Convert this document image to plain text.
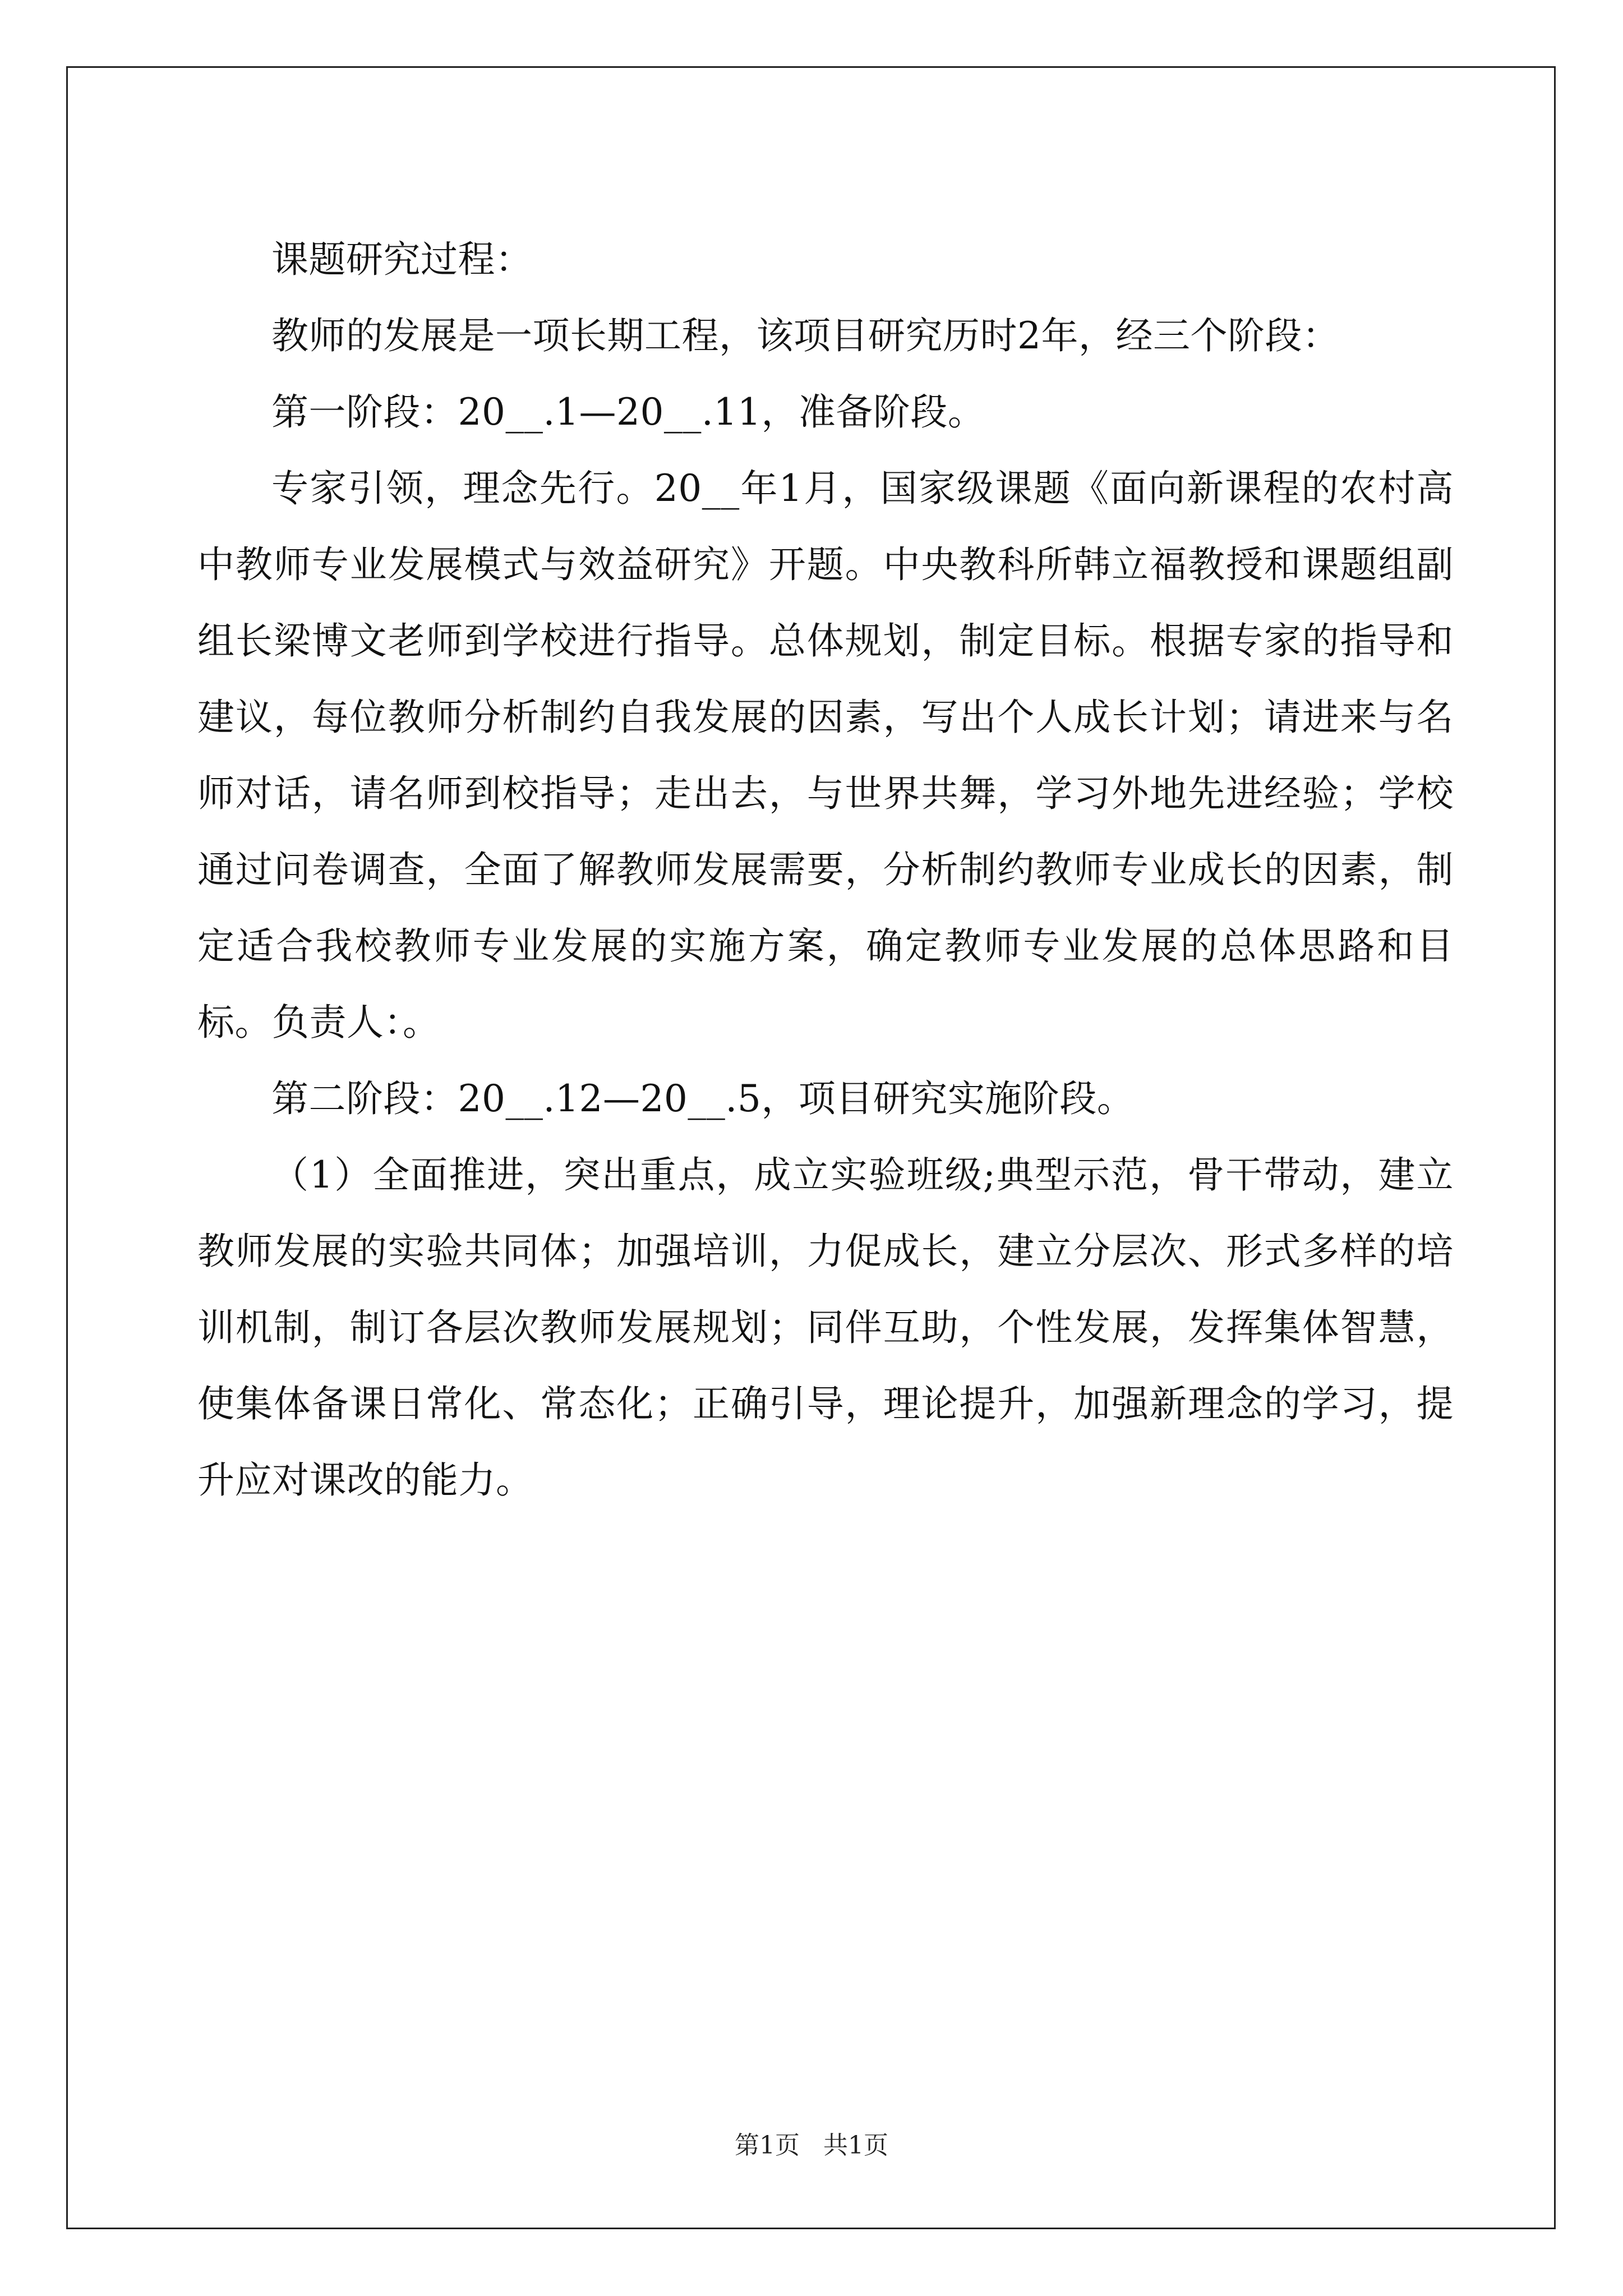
课题研究过程：

教师的发展是一项长期工程，该项目研究历时2年，经三个阶段：

第一阶段：20__.1—20__.11，准备阶段。

专家引领，理念先行。20__年1月，国家级课题《面向新课程的农村高中教师专业发展模式与效益研究》开题。中央教科所韩立福教授和课题组副组长梁博文老师到学校进行指导。总体规划，制定目标。根据专家的指导和建议，每位教师分析制约自我发展的因素，写出个人成长计划；请进来与名师对话，请名师到校指导；走出去，与世界共舞，学习外地先进经验；学校通过问卷调查，全面了解教师发展需要，分析制约教师专业成长的因素，制定适合我校教师专业发展的实施方案，确定教师专业发展的总体思路和目标。负责人：。

第二阶段：20__.12—20__.5，项目研究实施阶段。

（1）全面推进，突出重点，成立实验班级;典型示范，骨干带动，建立教师发展的实验共同体；加强培训，力促成长，建立分层次、形式多样的培训机制，制订各层次教师发展规划；同伴互助，个性发展，发挥集体智慧，使集体备课日常化、常态化；正确引导，理论提升，加强新理念的学习，提升应对课改的能力。

第1页   共1页
